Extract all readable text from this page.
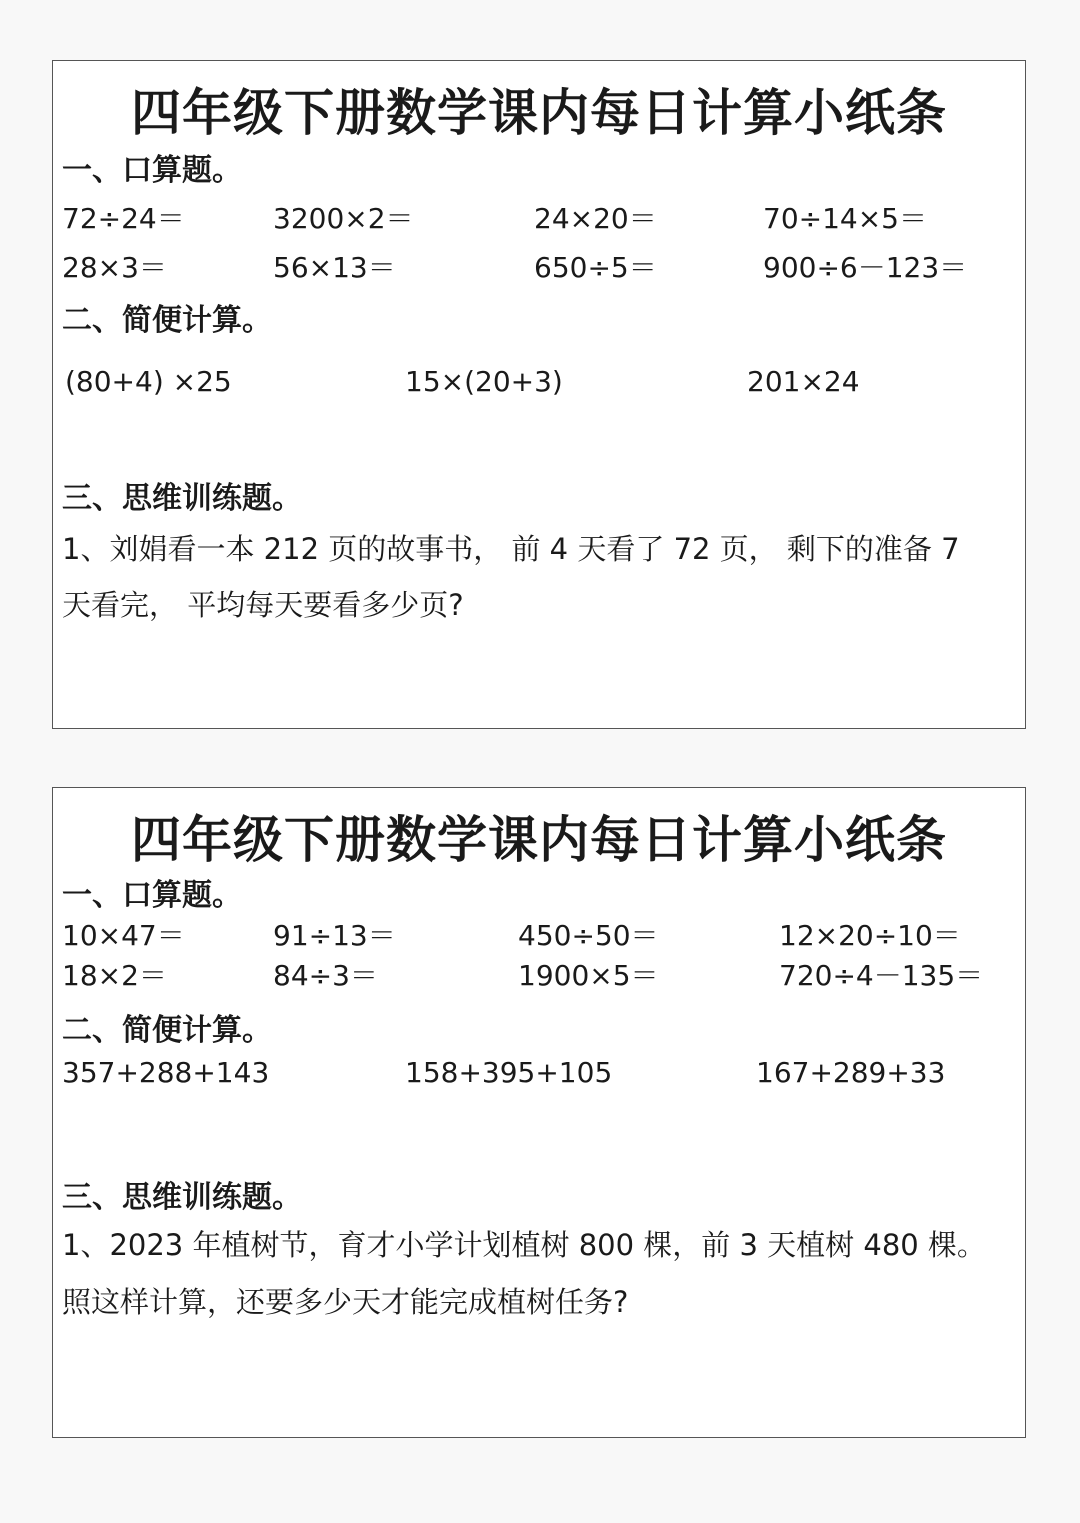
四年级下册数学课内每日计算小纸条
一、口算题。
72÷24＝	3200×2＝	24×20＝	70÷14×5＝
28×3＝	56×13＝	650÷5＝	900÷6－123＝
二、简便计算。
(80+4) ×25	15×(20+3)	201×24
三、思维训练题。
1、刘娟看一本 212 页的故事书， 前 4 天看了 72 页， 剩下的准备 7
天看完， 平均每天要看多少页?
四年级下册数学课内每日计算小纸条
一、口算题。
10×47＝	91÷13＝	450÷50＝	12×20÷10＝
18×2＝	84÷3＝	1900×5＝	720÷4－135＝
二、简便计算。
357+288+143	158+395+105	167+289+33
三、思维训练题。
1、2023 年植树节，育才小学计划植树 800 棵，前 3 天植树 480 棵。
照这样计算，还要多少天才能完成植树任务?
